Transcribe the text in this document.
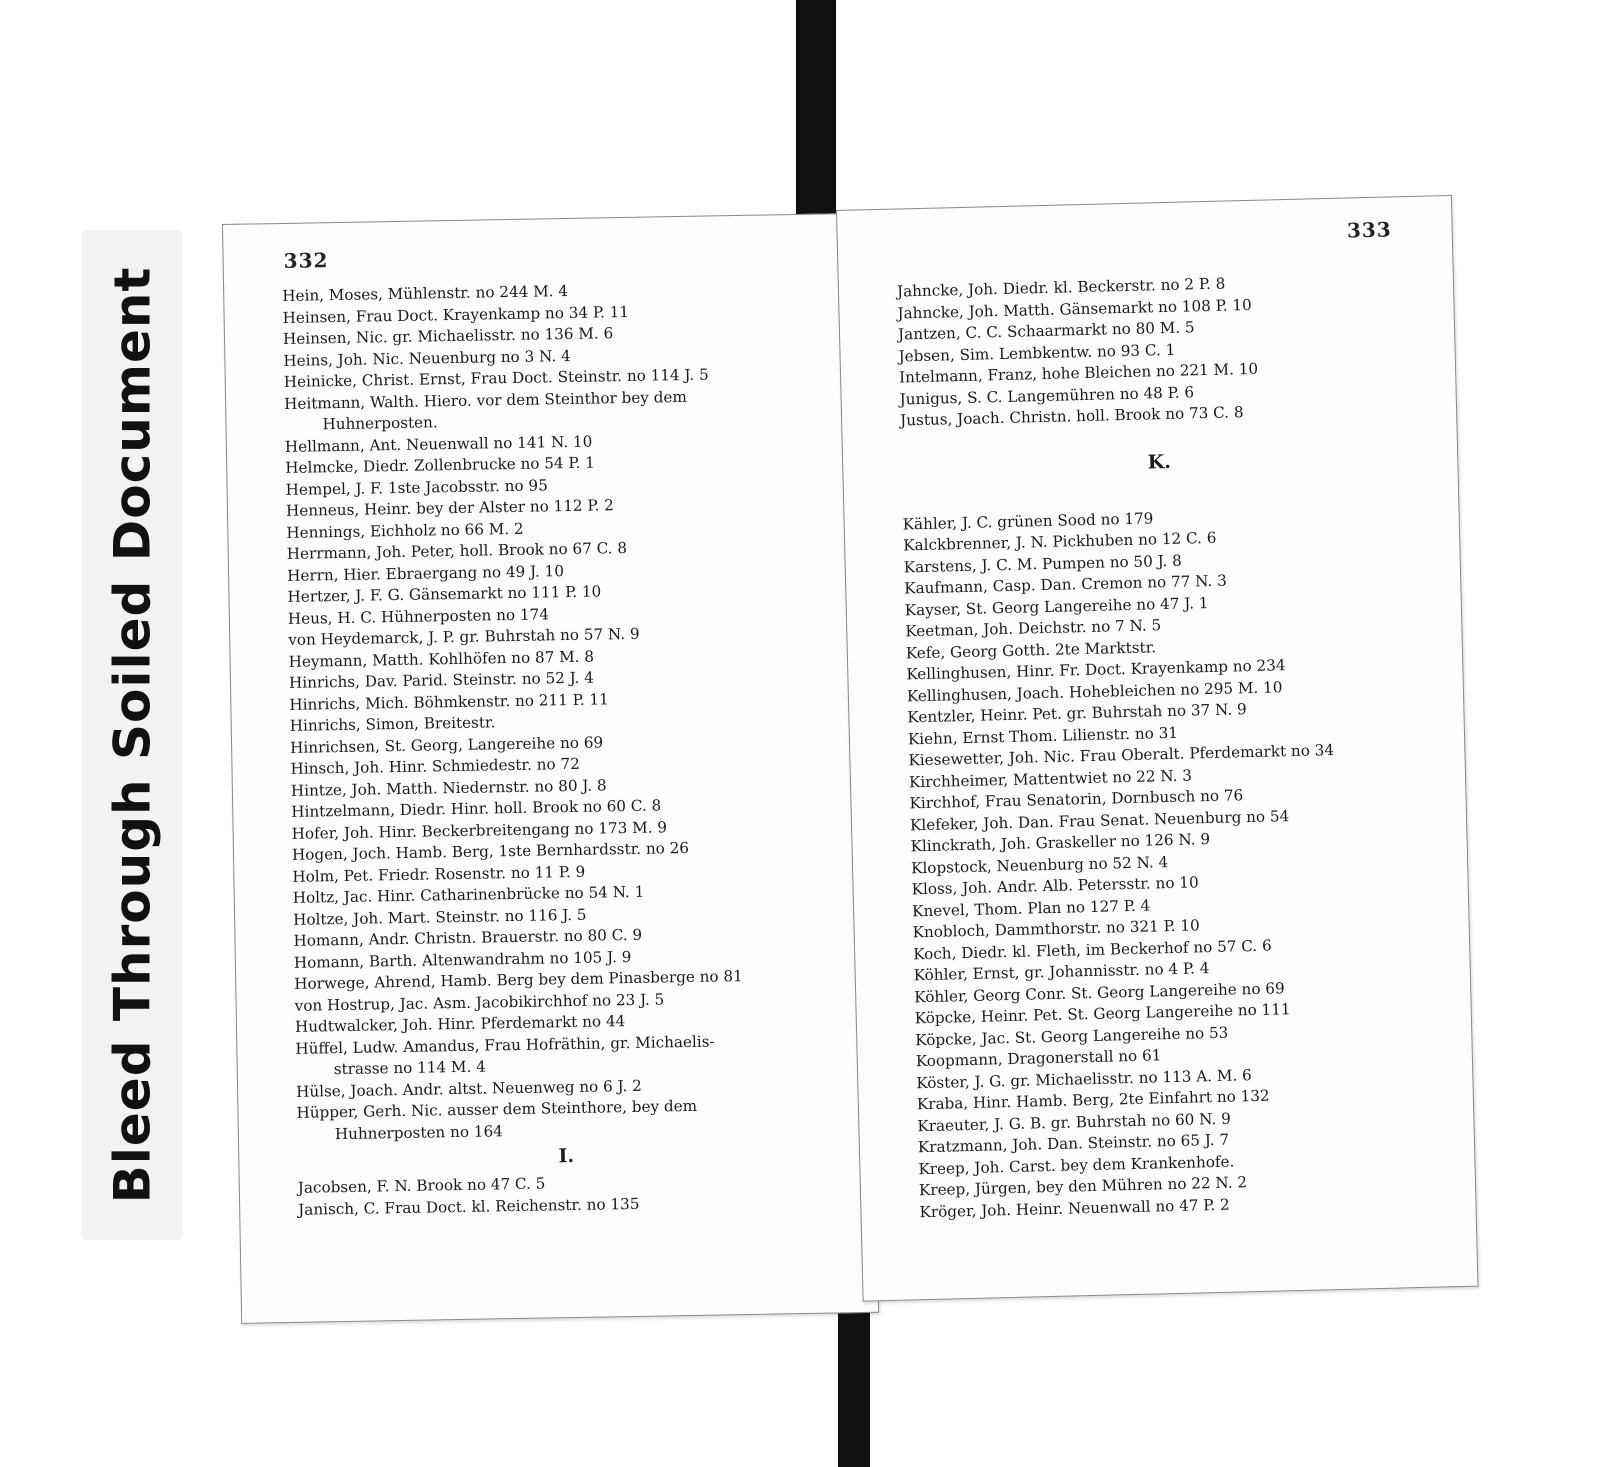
Bleed Through Soiled Document
332
Hein, Moses, Mühlenstr. no 244 M. 4
Heinsen, Frau Doct. Krayenkamp no 34 P. 11
Heinsen, Nic. gr. Michaelisstr. no 136 M. 6
Heins, Joh. Nic. Neuenburg no 3 N. 4
Heinicke, Christ. Ernst, Frau Doct. Steinstr. no 114 J. 5
Heitmann, Walth. Hiero. vor dem Steinthor bey dem
Huhnerposten.
Hellmann, Ant. Neuenwall no 141 N. 10
Helmcke, Diedr. Zollenbrucke no 54 P. 1
Hempel, J. F. 1ste Jacobsstr. no 95
Henneus, Heinr. bey der Alster no 112 P. 2
Hennings, Eichholz no 66 M. 2
Herrmann, Joh. Peter, holl. Brook no 67 C. 8
Herrn, Hier. Ebraergang no 49 J. 10
Hertzer, J. F. G. Gänsemarkt no 111 P. 10
Heus, H. C. Hühnerposten no 174
von Heydemarck, J. P. gr. Buhrstah no 57 N. 9
Heymann, Matth. Kohlhöfen no 87 M. 8
Hinrichs, Dav. Parid. Steinstr. no 52 J. 4
Hinrichs, Mich. Böhmkenstr. no 211 P. 11
Hinrichs, Simon, Breitestr.
Hinrichsen, St. Georg, Langereihe no 69
Hinsch, Joh. Hinr. Schmiedestr. no 72
Hintze, Joh. Matth. Niedernstr. no 80 J. 8
Hintzelmann, Diedr. Hinr. holl. Brook no 60 C. 8
Hofer, Joh. Hinr. Beckerbreitengang no 173 M. 9
Hogen, Joch. Hamb. Berg, 1ste Bernhardsstr. no 26
Holm, Pet. Friedr. Rosenstr. no 11 P. 9
Holtz, Jac. Hinr. Catharinenbrücke no 54 N. 1
Holtze, Joh. Mart. Steinstr. no 116 J. 5
Homann, Andr. Christn. Brauerstr. no 80 C. 9
Homann, Barth. Altenwandrahm no 105 J. 9
Horwege, Ahrend, Hamb. Berg bey dem Pinasberge no 81
von Hostrup, Jac. Asm. Jacobikirchhof no 23 J. 5
Hudtwalcker, Joh. Hinr. Pferdemarkt no 44
Hüffel, Ludw. Amandus, Frau Hofräthin, gr. Michaelis-
strasse no 114 M. 4
Hülse, Joach. Andr. altst. Neuenweg no 6 J. 2
Hüpper, Gerh. Nic. ausser dem Steinthore, bey dem
Huhnerposten no 164
I.
Jacobsen, F. N. Brook no 47 C. 5
Janisch, C. Frau Doct. kl. Reichenstr. no 135
333
Jahncke, Joh. Diedr. kl. Beckerstr. no 2 P. 8
Jahncke, Joh. Matth. Gänsemarkt no 108 P. 10
Jantzen, C. C. Schaarmarkt no 80 M. 5
Jebsen, Sim. Lembkentw. no 93 C. 1
Intelmann, Franz, hohe Bleichen no 221 M. 10
Junigus, S. C. Langemühren no 48 P. 6
Justus, Joach. Christn. holl. Brook no 73 C. 8
K.
Kähler, J. C. grünen Sood no 179
Kalckbrenner, J. N. Pickhuben no 12 C. 6
Karstens, J. C. M. Pumpen no 50 J. 8
Kaufmann, Casp. Dan. Cremon no 77 N. 3
Kayser, St. Georg Langereihe no 47 J. 1
Keetman, Joh. Deichstr. no 7 N. 5
Kefe, Georg Gotth. 2te Marktstr.
Kellinghusen, Hinr. Fr. Doct. Krayenkamp no 234
Kellinghusen, Joach. Hohebleichen no 295 M. 10
Kentzler, Heinr. Pet. gr. Buhrstah no 37 N. 9
Kiehn, Ernst Thom. Lilienstr. no 31
Kiesewetter, Joh. Nic. Frau Oberalt. Pferdemarkt no 34
Kirchheimer, Mattentwiet no 22 N. 3
Kirchhof, Frau Senatorin, Dornbusch no 76
Klefeker, Joh. Dan. Frau Senat. Neuenburg no 54
Klinckrath, Joh. Graskeller no 126 N. 9
Klopstock, Neuenburg no 52 N. 4
Kloss, Joh. Andr. Alb. Petersstr. no 10
Knevel, Thom. Plan no 127 P. 4
Knobloch, Dammthorstr. no 321 P. 10
Koch, Diedr. kl. Fleth, im Beckerhof no 57 C. 6
Köhler, Ernst, gr. Johannisstr. no 4 P. 4
Köhler, Georg Conr. St. Georg Langereihe no 69
Köpcke, Heinr. Pet. St. Georg Langereihe no 111
Köpcke, Jac. St. Georg Langereihe no 53
Koopmann, Dragonerstall no 61
Köster, J. G. gr. Michaelisstr. no 113 A. M. 6
Kraba, Hinr. Hamb. Berg, 2te Einfahrt no 132
Kraeuter, J. G. B. gr. Buhrstah no 60 N. 9
Kratzmann, Joh. Dan. Steinstr. no 65 J. 7
Kreep, Joh. Carst. bey dem Krankenhofe.
Kreep, Jürgen, bey den Mühren no 22 N. 2
Kröger, Joh. Heinr. Neuenwall no 47 P. 2
